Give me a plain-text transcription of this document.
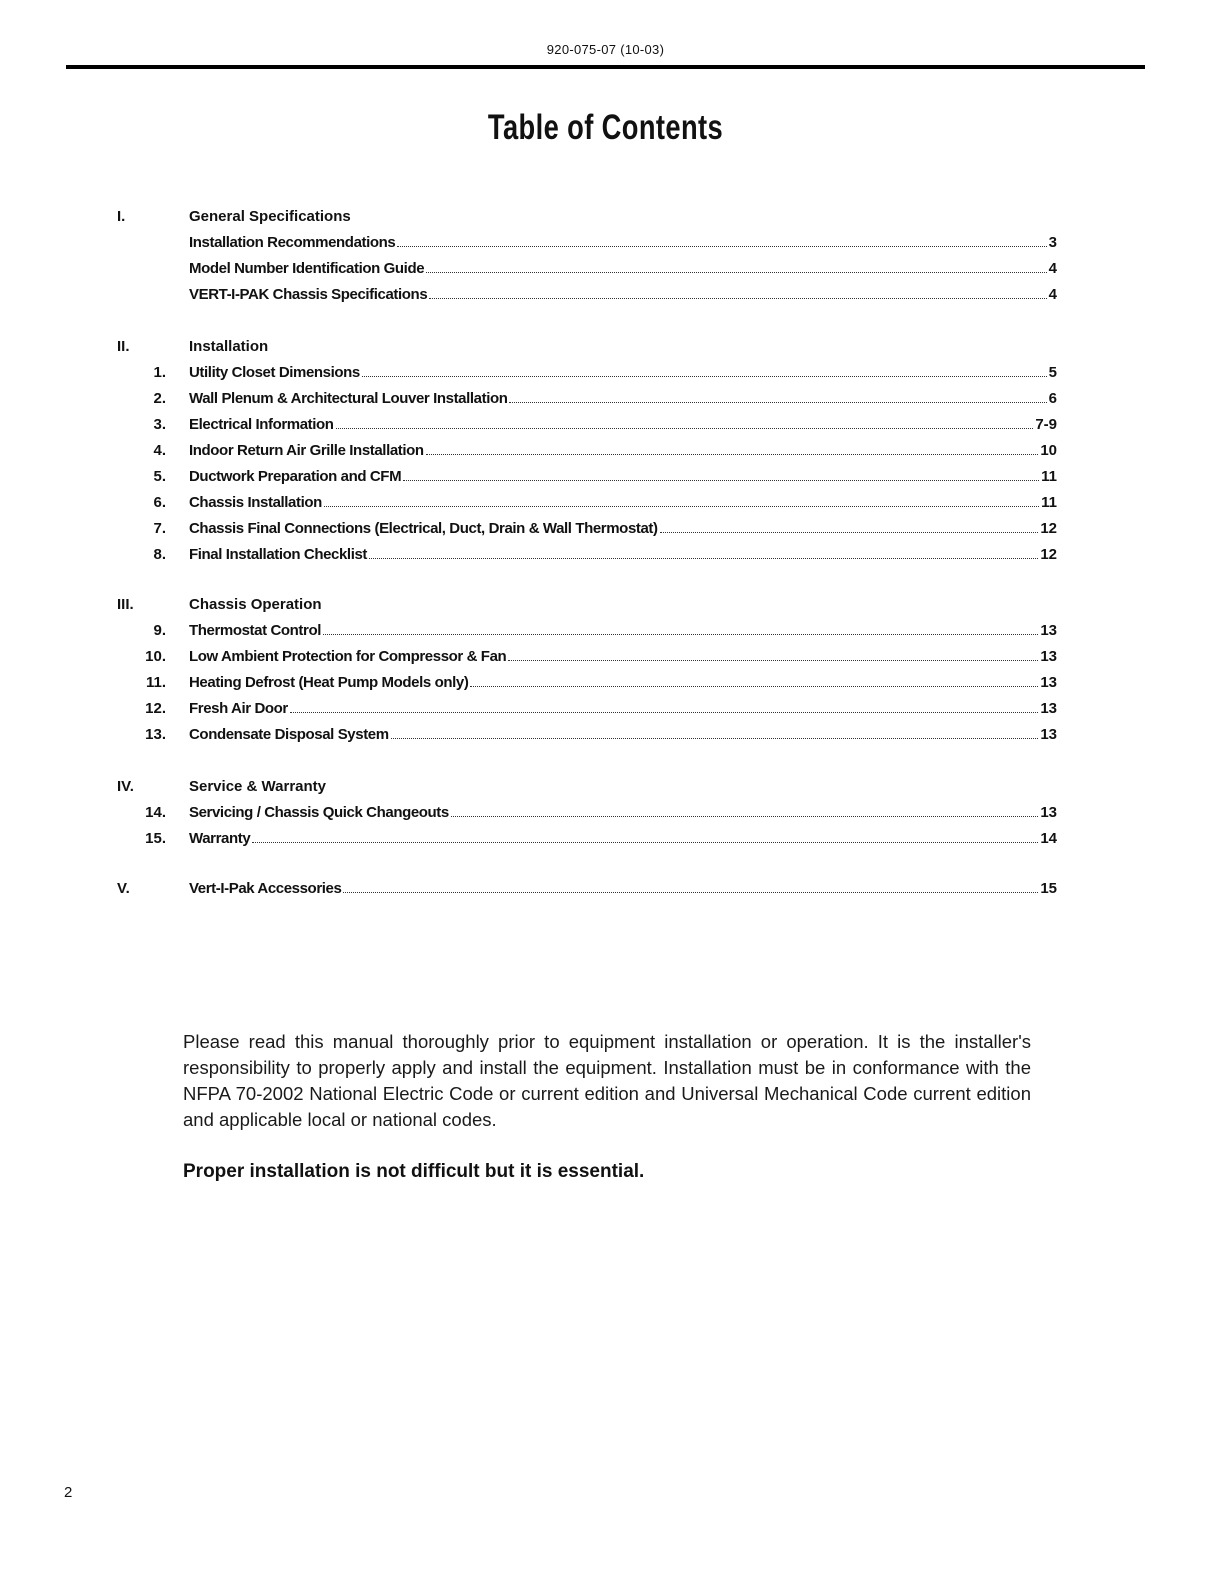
920-075-07 (10-03)
Table of Contents
I.	General Specifications
Installation Recommendations	3
Model Number Identification Guide	4
VERT-I-PAK Chassis Specifications	4
II.	Installation
1. Utility Closet Dimensions	5
2. Wall Plenum & Architectural Louver Installation	6
3. Electrical Information	7-9
4. Indoor Return Air Grille Installation	10
5. Ductwork Preparation and CFM	11
6. Chassis Installation	11
7. Chassis Final Connections (Electrical, Duct, Drain & Wall Thermostat)	12
8. Final Installation Checklist	12
III.	Chassis Operation
9. Thermostat Control	13
10. Low Ambient Protection for Compressor & Fan	13
11. Heating Defrost (Heat Pump Models only)	13
12. Fresh Air Door	13
13. Condensate Disposal System	13
IV.	Service & Warranty
14. Servicing / Chassis Quick Changeouts	13
15. Warranty	14
V.	Vert-I-Pak Accessories	15
Please read this manual thoroughly prior to equipment installation or operation. It is the installer's responsibility to properly apply and install the equipment. Installation must be in conformance with the NFPA 70-2002 National Electric Code or current edition and Universal Mechanical Code current edition and applicable local or national codes.
Proper installation is not difficult but it is essential.
2
